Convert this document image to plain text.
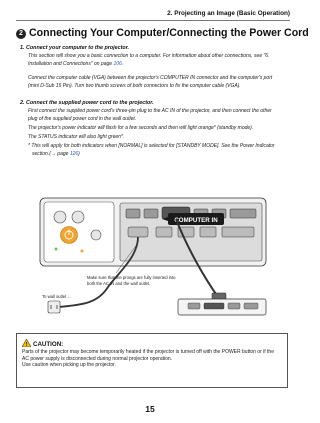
2. Projecting an Image (Basic Operation)
2 Connecting Your Computer/Connecting the Power Cord
1. Connect your computer to the projector.
This section will show you a basic connection to a computer. For information about other connections, see "6.
Installation and Connections" on page 106.
Connect the computer cable (VGA) between the projector's COMPUTER IN connector and the computer's port
(mini D-Sub 15 Pin). Turn two thumb screws of both connectors to fix the computer cable (VGA).
2. Connect the supplied power cord to the projector.
First connect the supplied power cord's three-pin plug to the AC IN of the projector, and then connect the other
plug of the supplied power cord in the wall outlet.
The projector's power indicator will flash for a few seconds and then will light orange* (standby mode).
The STATUS indicator will also light green*.
* This will apply for both indicators when [NORMAL] is selected for [STANDBY MODE]. See the Power Indicator
section.(→ page 126)
COMPUTER IN
Make sure that the prongs are fully inserted into
both the AC IN and the wall outlet.
To wall outlet ←
! CAUTION:
Parts of the projector may become temporarily heated if the projector is turned off with the POWER button or if the
AC power supply is disconnected during normal projector operation.
Use caution when picking up the projector.
15
